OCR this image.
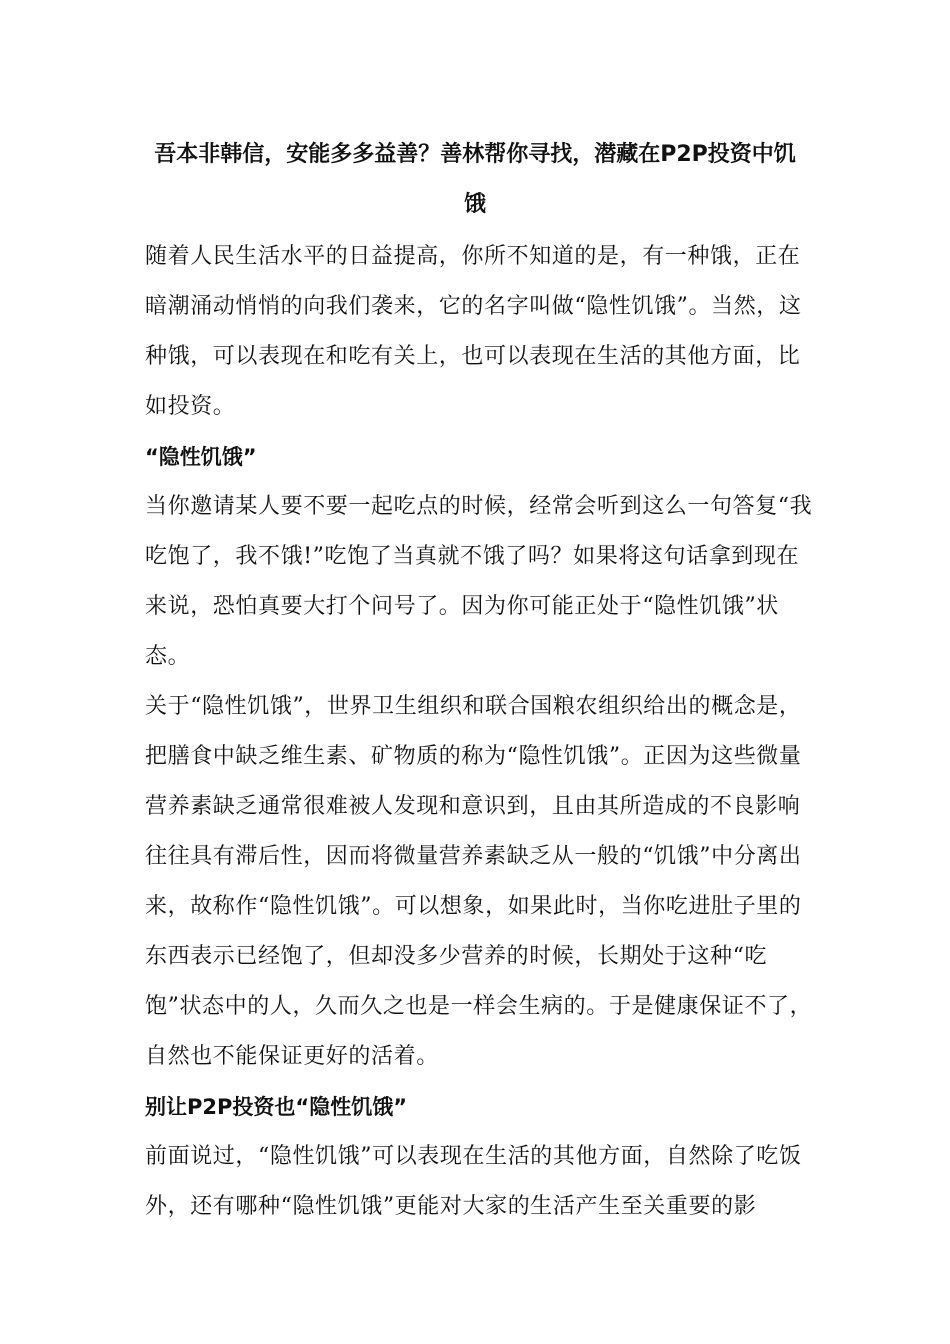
吾本非韩信，安能多多益善？善林帮你寻找，潜藏在P2P投资中饥饿

随着人民生活水平的日益提高，你所不知道的是，有一种饿，正在暗潮涌动悄悄的向我们袭来，它的名字叫做“隐性饥饿”。当然，这种饿，可以表现在和吃有关上，也可以表现在生活的其他方面，比如投资。

“隐性饥饿”

当你邀请某人要不要一起吃点的时候，经常会听到这么一句答复“我吃饱了，我不饿!”吃饱了当真就不饿了吗？如果将这句话拿到现在来说，恐怕真要大打个问号了。因为你可能正处于“隐性饥饿”状态。

关于“隐性饥饿”，世界卫生组织和联合国粮农组织给出的概念是，把膳食中缺乏维生素、矿物质的称为“隐性饥饿”。正因为这些微量营养素缺乏通常很难被人发现和意识到，且由其所造成的不良影响往往具有滞后性，因而将微量营养素缺乏从一般的“饥饿”中分离出来，故称作“隐性饥饿”。可以想象，如果此时，当你吃进肚子里的东西表示已经饱了，但却没多少营养的时候，长期处于这种“吃饱”状态中的人，久而久之也是一样会生病的。于是健康保证不了，自然也不能保证更好的活着。

别让P2P投资也“隐性饥饿”

前面说过，“隐性饥饿”可以表现在生活的其他方面，自然除了吃饭外，还有哪种“隐性饥饿”更能对大家的生活产生至关重要的影
